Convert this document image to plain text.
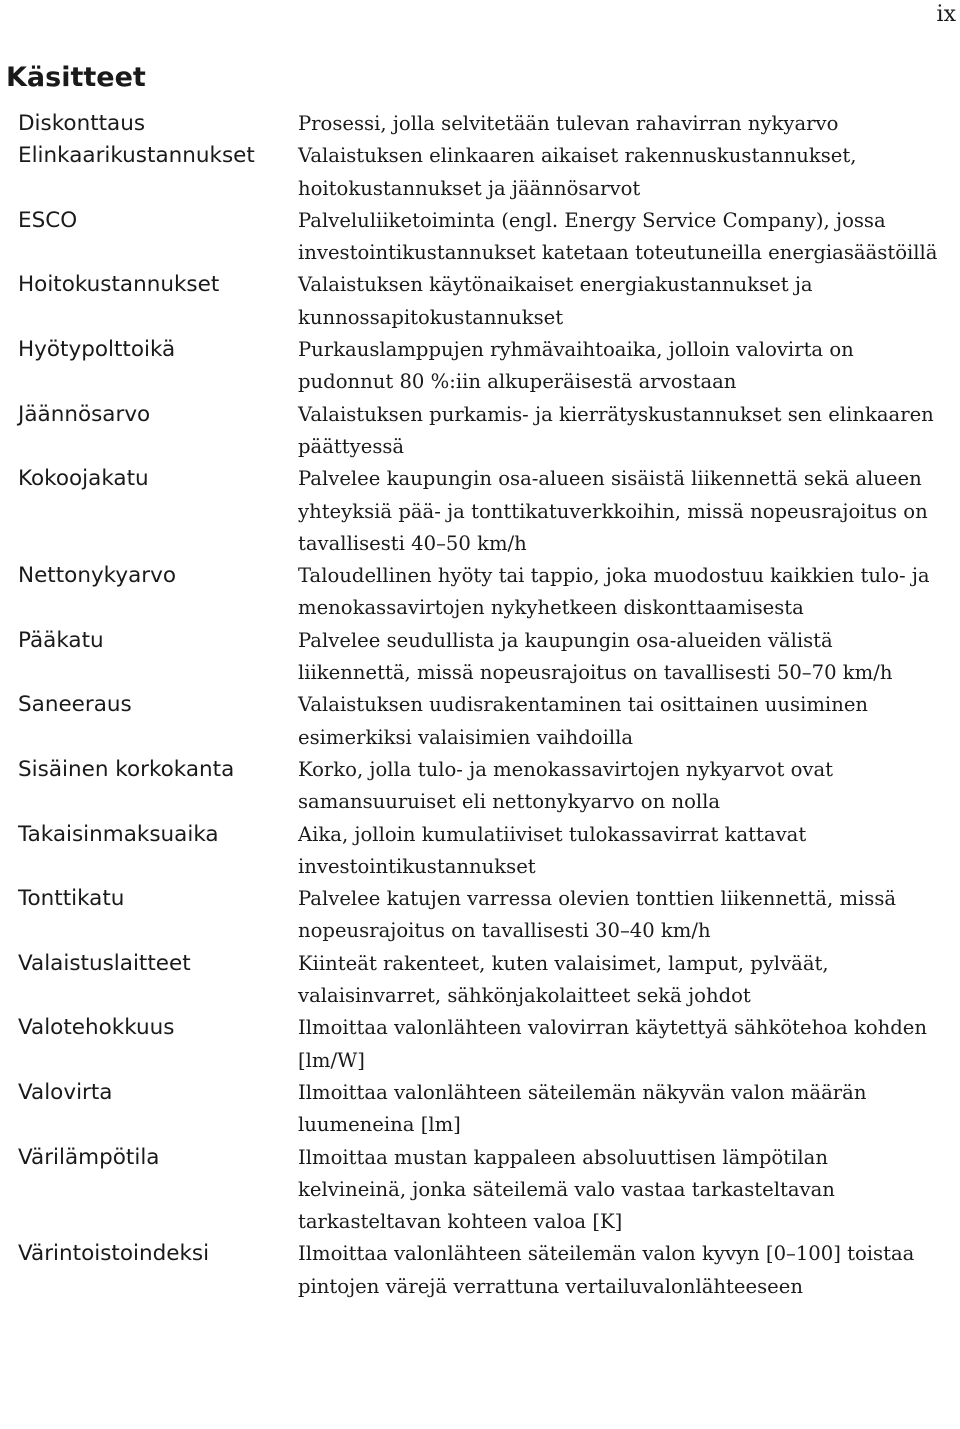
ix
Käsitteet
Diskonttaus	Prosessi, jolla selvitetään tulevan rahavirran nykyarvo
Elinkaarikustannukset	Valaistuksen elinkaaren aikaiset rakennuskustannukset, hoitokustannukset ja jäännösarvot
ESCO	Palveluliiketoiminta (engl. Energy Service Company), jossa investointikustannukset katetaan toteutuneilla energiasäästöillä
Hoitokustannukset	Valaistuksen käytönaikaiset energiakustannukset ja kunnossapitokustannukset
Hyötypolttoikä	Purkauslamppujen ryhmävaihtoaika, jolloin valovirta on pudonnut 80 %:iin alkuperäisestä arvostaan
Jäännösarvo	Valaistuksen purkamis- ja kierrätyskustannukset sen elinkaaren päättyessä
Kokoojakatu	Palvelee kaupungin osa-alueen sisäistä liikennettä sekä alueen yhteyksiä pää- ja tonttikatuverkkoihin, missä nopeusrajoitus on tavallisesti 40–50 km/h
Nettonykyarvo	Taloudellinen hyöty tai tappio, joka muodostuu kaikkien tulo- ja menokassavirtojen nykyhetkeen diskonttaamisesta
Pääkatu	Palvelee seudullista ja kaupungin osa-alueiden välistä liikennettä, missä nopeusrajoitus on tavallisesti 50–70 km/h
Saneeraus	Valaistuksen uudisrakentaminen tai osittainen uusiminen esimerkiksi valaisimien vaihdoilla
Sisäinen korkokanta	Korko, jolla tulo- ja menokassavirtojen nykyarvot ovat samansuuruiset eli nettonykyarvo on nolla
Takaisinmaksuaika	Aika, jolloin kumulatiiviset tulokassavirrat kattavat investointikustannukset
Tonttikatu	Palvelee katujen varressa olevien tonttien liikennettä, missä nopeusrajoitus on tavallisesti 30–40 km/h
Valaistuslaitteet	Kiinteät rakenteet, kuten valaisimet, lamput, pylväät, valaisinvarret, sähkönjakolaitteet sekä johdot
Valotehokkuus	Ilmoittaa valonlähteen valovirran käytettyä sähkötehoa kohden [lm/W]
Valovirta	Ilmoittaa valonlähteen säteilemän näkyvän valon määrän luumeneina [lm]
Värilämpötila	Ilmoittaa mustan kappaleen absoluuttisen lämpötilan kelvineinä, jonka säteilemä valo vastaa tarkasteltavan tarkasteltavan kohteen valoa [K]
Värintoistoindeksi	Ilmoittaa valonlähteen säteilemän valon kyvyn [0–100] toistaa pintojen värejä verrattuna vertailuvalonlähteeseen
